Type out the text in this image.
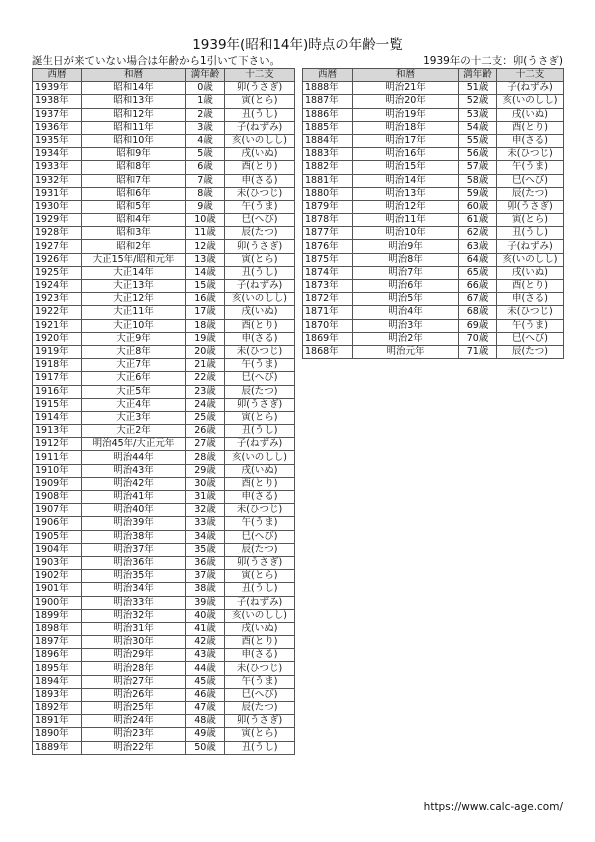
1939年(昭和14年)時点の年齢一覧
誕生日が来ていない場合は年齢から1引いて下さい。	1939年の十二支：卯(うさぎ)
西暦	和暦	満年齢	十二支
1939年	昭和14年	0歳	卯(うさぎ)
1938年	昭和13年	1歳	寅(とら)
1937年	昭和12年	2歳	丑(うし)
1936年	昭和11年	3歳	子(ねずみ)
1935年	昭和10年	4歳	亥(いのしし)
1934年	昭和9年	5歳	戌(いぬ)
1933年	昭和8年	6歳	酉(とり)
1932年	昭和7年	7歳	申(さる)
1931年	昭和6年	8歳	未(ひつじ)
1930年	昭和5年	9歳	午(うま)
1929年	昭和4年	10歳	巳(へび)
1928年	昭和3年	11歳	辰(たつ)
1927年	昭和2年	12歳	卯(うさぎ)
1926年	大正15年/昭和元年	13歳	寅(とら)
1925年	大正14年	14歳	丑(うし)
1924年	大正13年	15歳	子(ねずみ)
1923年	大正12年	16歳	亥(いのしし)
1922年	大正11年	17歳	戌(いぬ)
1921年	大正10年	18歳	酉(とり)
1920年	大正9年	19歳	申(さる)
1919年	大正8年	20歳	未(ひつじ)
1918年	大正7年	21歳	午(うま)
1917年	大正6年	22歳	巳(へび)
1916年	大正5年	23歳	辰(たつ)
1915年	大正4年	24歳	卯(うさぎ)
1914年	大正3年	25歳	寅(とら)
1913年	大正2年	26歳	丑(うし)
1912年	明治45年/大正元年	27歳	子(ねずみ)
1911年	明治44年	28歳	亥(いのしし)
1910年	明治43年	29歳	戌(いぬ)
1909年	明治42年	30歳	酉(とり)
1908年	明治41年	31歳	申(さる)
1907年	明治40年	32歳	未(ひつじ)
1906年	明治39年	33歳	午(うま)
1905年	明治38年	34歳	巳(へび)
1904年	明治37年	35歳	辰(たつ)
1903年	明治36年	36歳	卯(うさぎ)
1902年	明治35年	37歳	寅(とら)
1901年	明治34年	38歳	丑(うし)
1900年	明治33年	39歳	子(ねずみ)
1899年	明治32年	40歳	亥(いのしし)
1898年	明治31年	41歳	戌(いぬ)
1897年	明治30年	42歳	酉(とり)
1896年	明治29年	43歳	申(さる)
1895年	明治28年	44歳	未(ひつじ)
1894年	明治27年	45歳	午(うま)
1893年	明治26年	46歳	巳(へび)
1892年	明治25年	47歳	辰(たつ)
1891年	明治24年	48歳	卯(うさぎ)
1890年	明治23年	49歳	寅(とら)
1889年	明治22年	50歳	丑(うし)
西暦	和暦	満年齢	十二支
1888年	明治21年	51歳	子(ねずみ)
1887年	明治20年	52歳	亥(いのしし)
1886年	明治19年	53歳	戌(いぬ)
1885年	明治18年	54歳	酉(とり)
1884年	明治17年	55歳	申(さる)
1883年	明治16年	56歳	未(ひつじ)
1882年	明治15年	57歳	午(うま)
1881年	明治14年	58歳	巳(へび)
1880年	明治13年	59歳	辰(たつ)
1879年	明治12年	60歳	卯(うさぎ)
1878年	明治11年	61歳	寅(とら)
1877年	明治10年	62歳	丑(うし)
1876年	明治9年	63歳	子(ねずみ)
1875年	明治8年	64歳	亥(いのしし)
1874年	明治7年	65歳	戌(いぬ)
1873年	明治6年	66歳	酉(とり)
1872年	明治5年	67歳	申(さる)
1871年	明治4年	68歳	未(ひつじ)
1870年	明治3年	69歳	午(うま)
1869年	明治2年	70歳	巳(へび)
1868年	明治元年	71歳	辰(たつ)
https://www.calc-age.com/
